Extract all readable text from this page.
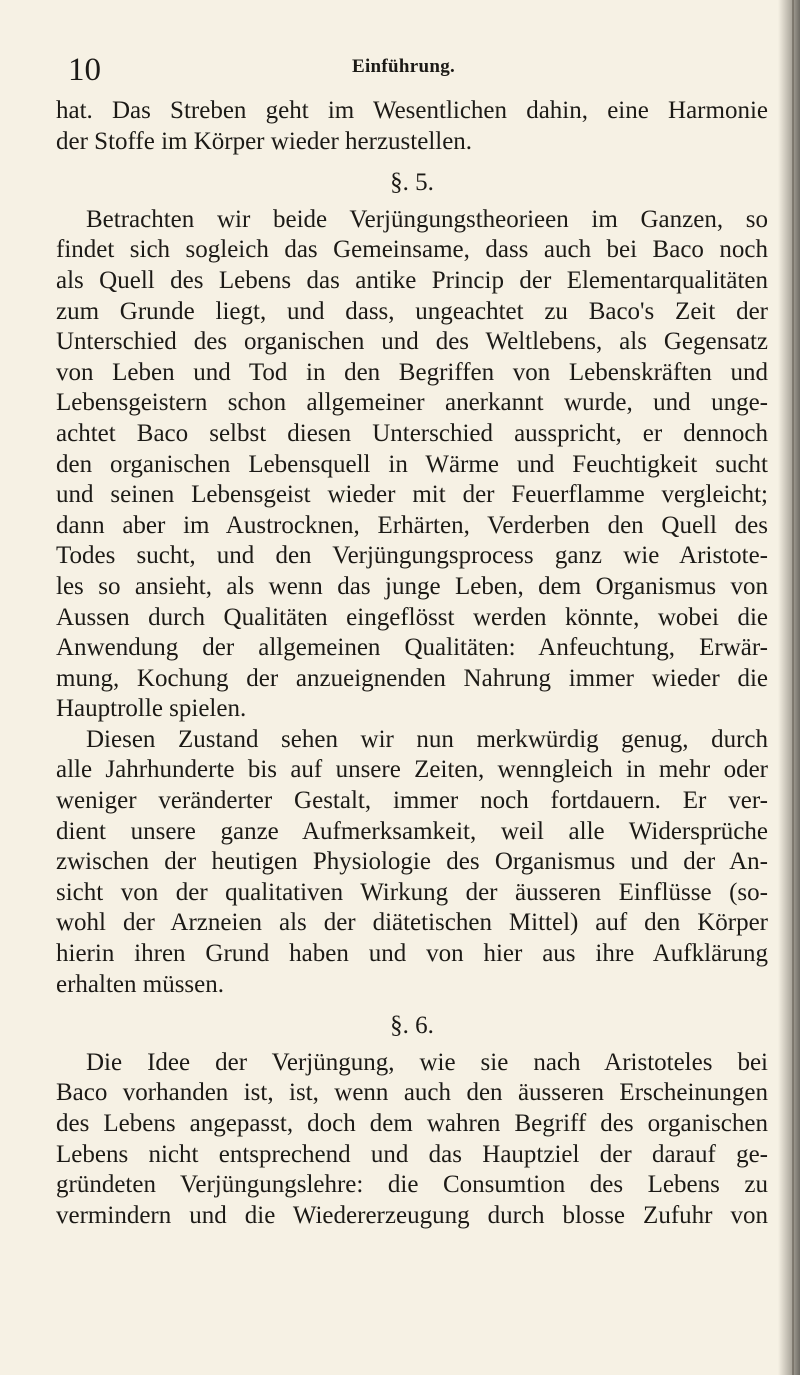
10	Einführung.
hat. Das Streben geht im Wesentlichen dahin, eine Harmonie
der Stoffe im Körper wieder herzustellen.
§. 5.
Betrachten wir beide Verjüngungstheorieen im Ganzen, so
findet sich sogleich das Gemeinsame, dass auch bei Baco noch
als Quell des Lebens das antike Princip der Elementarqualitäten
zum Grunde liegt, und dass, ungeachtet zu Baco's Zeit der
Unterschied des organischen und des Weltlebens, als Gegensatz
von Leben und Tod in den Begriffen von Lebenskräften und
Lebensgeistern schon allgemeiner anerkannt wurde, und unge-
achtet Baco selbst diesen Unterschied ausspricht, er dennoch
den organischen Lebensquell in Wärme und Feuchtigkeit sucht
und seinen Lebensgeist wieder mit der Feuerflamme vergleicht;
dann aber im Austrocknen, Erhärten, Verderben den Quell des
Todes sucht, und den Verjüngungsprocess ganz wie Aristote-
les so ansieht, als wenn das junge Leben, dem Organismus von
Aussen durch Qualitäten eingeflösst werden könnte, wobei die
Anwendung der allgemeinen Qualitäten: Anfeuchtung, Erwär-
mung, Kochung der anzueignenden Nahrung immer wieder die
Hauptrolle spielen.
Diesen Zustand sehen wir nun merkwürdig genug, durch
alle Jahrhunderte bis auf unsere Zeiten, wenngleich in mehr oder
weniger veränderter Gestalt, immer noch fortdauern. Er ver-
dient unsere ganze Aufmerksamkeit, weil alle Widersprüche
zwischen der heutigen Physiologie des Organismus und der An-
sicht von der qualitativen Wirkung der äusseren Einflüsse (so-
wohl der Arzneien als der diätetischen Mittel) auf den Körper
hierin ihren Grund haben und von hier aus ihre Aufklärung
erhalten müssen.
§. 6.
Die Idee der Verjüngung, wie sie nach Aristoteles bei
Baco vorhanden ist, ist, wenn auch den äusseren Erscheinungen
des Lebens angepasst, doch dem wahren Begriff des organischen
Lebens nicht entsprechend und das Hauptziel der darauf ge-
gründeten Verjüngungslehre: die Consumtion des Lebens zu
vermindern und die Wiedererzeugung durch blosse Zufuhr von
